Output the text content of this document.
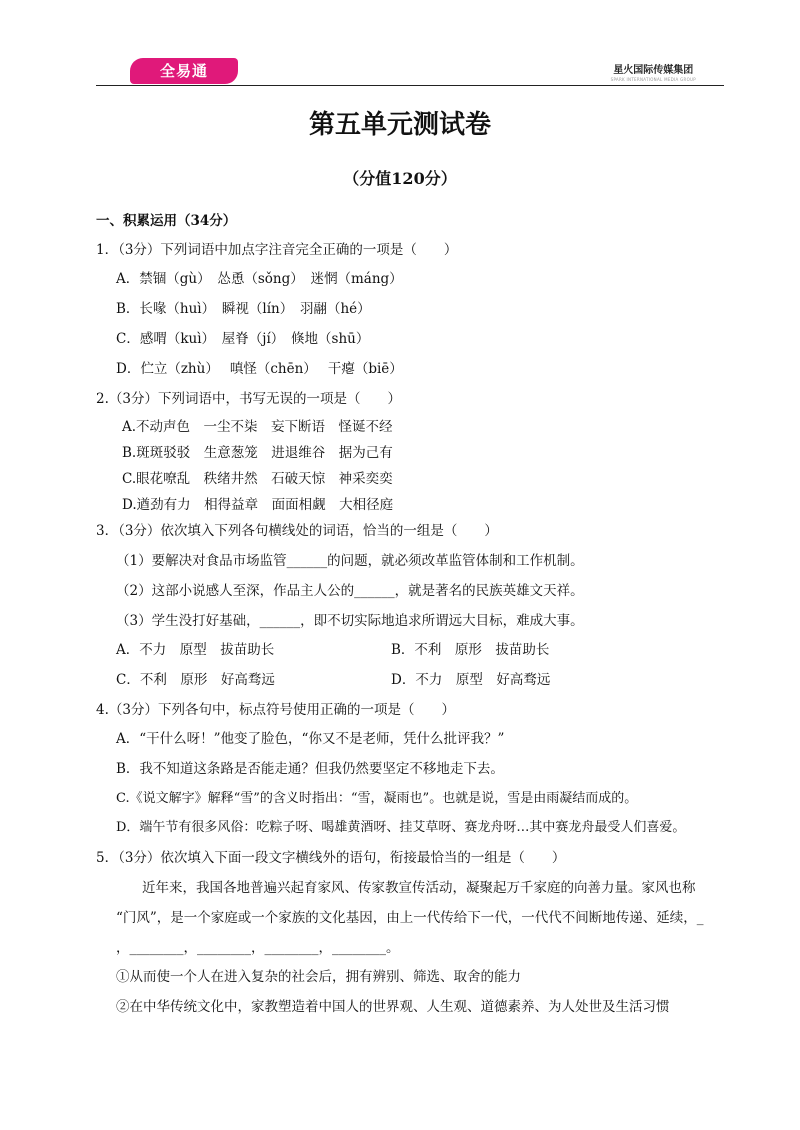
全易通	星火国际传媒集团
SPARK INTERNATIONAL MEDIA GROUP
第五单元测试卷
（分值120分）
一、积累运用（34分）
1．（3分）下列词语中加点字注音完全正确的一项是（　　）
A．禁锢（gù）　怂恿（sǒng）　迷惘（máng）
B．长喙（huì）　瞬视（lín）　羽翮（hé）
C．感喟（kuì）　屋脊（jí）　倏地（shū）
D．伫立（zhù）　 嗔怪（chēn）　 干瘪（biē）
2.（3分）下列词语中，书写无误的一项是（　　）
A.不动声色　一尘不柒　妄下断语　怪诞不经
B.斑斑驳驳　生意葱笼　进退维谷　据为己有
C.眼花嘹乱　秩绪井然　石破天惊　神采奕奕
D.遒劲有力　相得益章　面面相觑　大相径庭
3．（3分）依次填入下列各句横线处的词语，恰当的一组是（　　）
（1）要解决对食品市场监管______的问题，就必须改革监管体制和工作机制。
（2）这部小说感人至深，作品主人公的______，就是著名的民族英雄文天祥。
（3）学生没打好基础，______，即不切实际地追求所谓远大目标，难成大事。
A．不力　原型　拔苗助长	B．不利　原形　拔苗助长
C．不利　原形　好高骛远	D．不力　原型　好高骛远
4.（3分）下列各句中，标点符号使用正确的一项是（　　）
A．“干什么呀！”他变了脸色，“你又不是老师，凭什么批评我？”
B．我不知道这条路是否能走通？但我仍然要坚定不移地走下去。
C.《说文解字》解释“雪”的含义时指出：“雪，凝雨也”。也就是说，雪是由雨凝结而成的。
D．端午节有很多风俗：吃粽子呀、喝雄黄酒呀、挂艾草呀、赛龙舟呀…其中赛龙舟最受人们喜爱。
5．（3分）依次填入下面一段文字横线外的语句，衔接最恰当的一组是（　　）
近年来，我国各地普遍兴起育家风、传家教宣传活动，凝聚起万千家庭的向善力量。家风也称
“门风”，是一个家庭或一个家族的文化基因，由上一代传给下一代，一代代不间断地传递、延续，_
，________，________，________，________。
①从而使一个人在进入复杂的社会后，拥有辨别、筛选、取舍的能力
②在中华传统文化中，家教塑造着中国人的世界观、人生观、道德素养、为人处世及生活习惯
